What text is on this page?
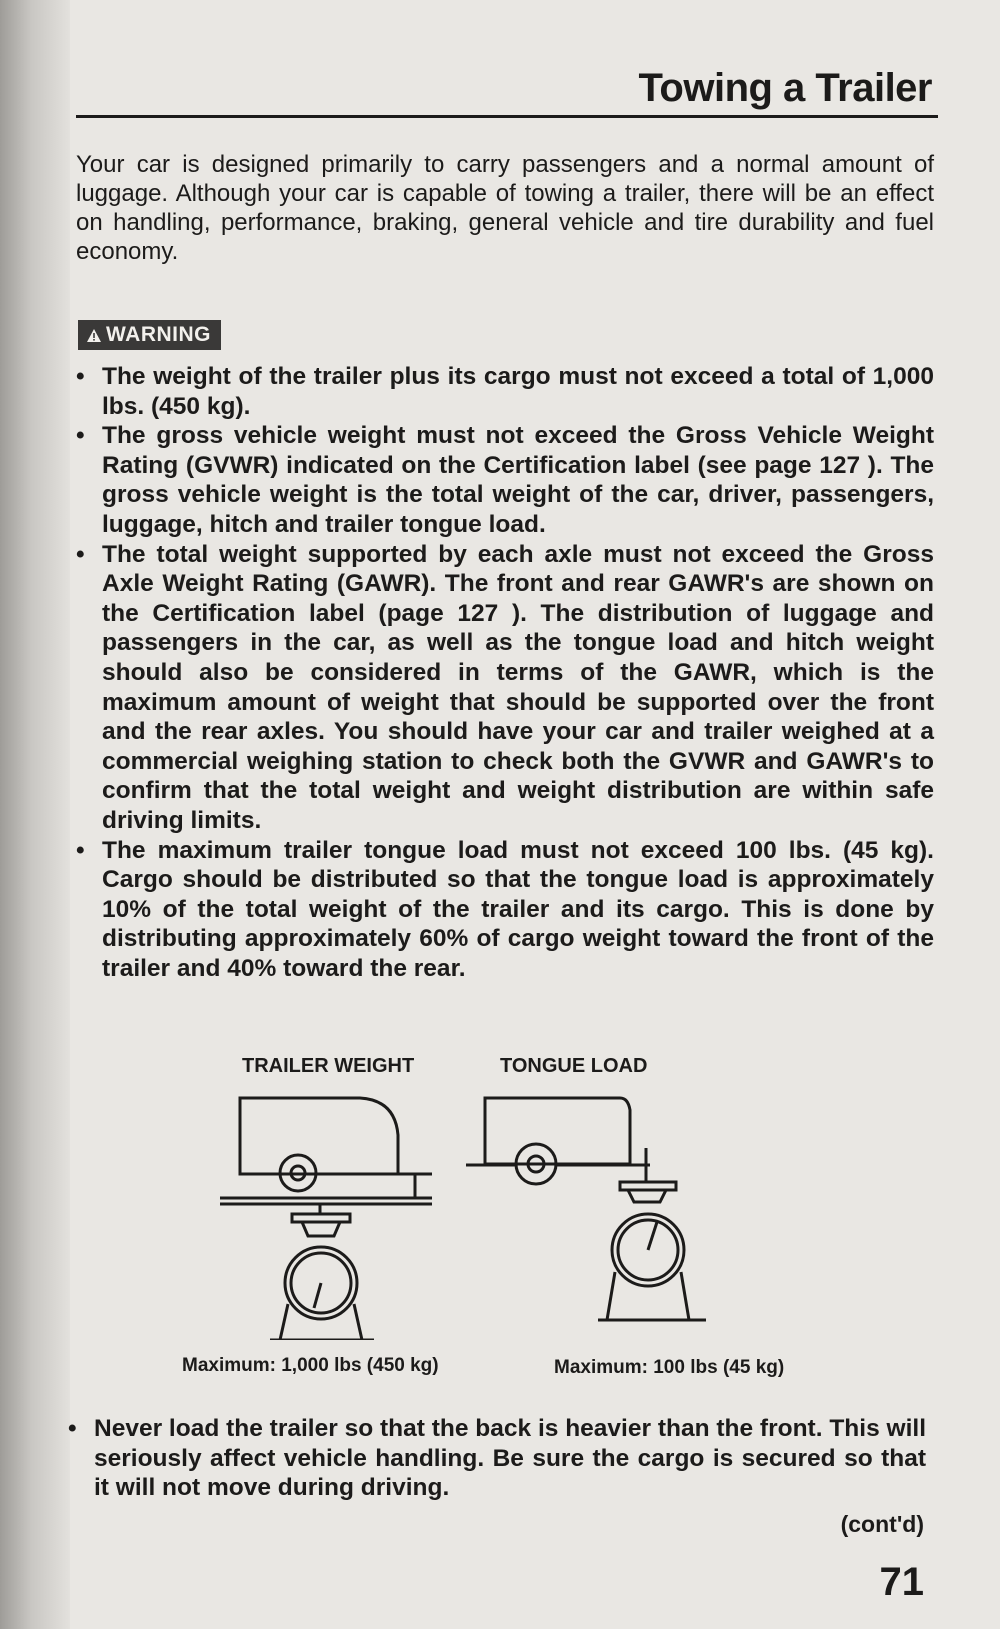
Towing a Trailer

Your car is designed primarily to carry passengers and a normal amount of luggage. Although your car is capable of towing a trailer, there will be an effect on handling, performance, braking, general vehicle and tire durability and fuel economy.

WARNING
• The weight of the trailer plus its cargo must not exceed a total of 1,000 lbs. (450 kg).
• The gross vehicle weight must not exceed the Gross Vehicle Weight Rating (GVWR) indicated on the Certification label (see page 127 ). The gross vehicle weight is the total weight of the car, driver, passengers, luggage, hitch and trailer tongue load.
• The total weight supported by each axle must not exceed the Gross Axle Weight Rating (GAWR). The front and rear GAWR's are shown on the Certification label (page 127 ). The distribution of luggage and passengers in the car, as well as the tongue load and hitch weight should also be considered in terms of the GAWR, which is the maximum amount of weight that should be supported over the front and the rear axles. You should have your car and trailer weighed at a commercial weighing station to check both the GVWR and GAWR's to confirm that the total weight and weight distribution are within safe driving limits.
• The maximum trailer tongue load must not exceed 100 lbs. (45 kg). Cargo should be distributed so that the tongue load is approximately 10% of the total weight of the trailer and its cargo. This is done by distributing approximately 60% of cargo weight toward the front of the trailer and 40% toward the rear.
TRAILER WEIGHT	TONGUE LOAD
Maximum: 1,000 lbs (450 kg)	Maximum: 100 lbs (45 kg)
• Never load the trailer so that the back is heavier than the front. This will seriously affect vehicle handling. Be sure the cargo is secured so that it will not move during driving.
(cont'd)
71
